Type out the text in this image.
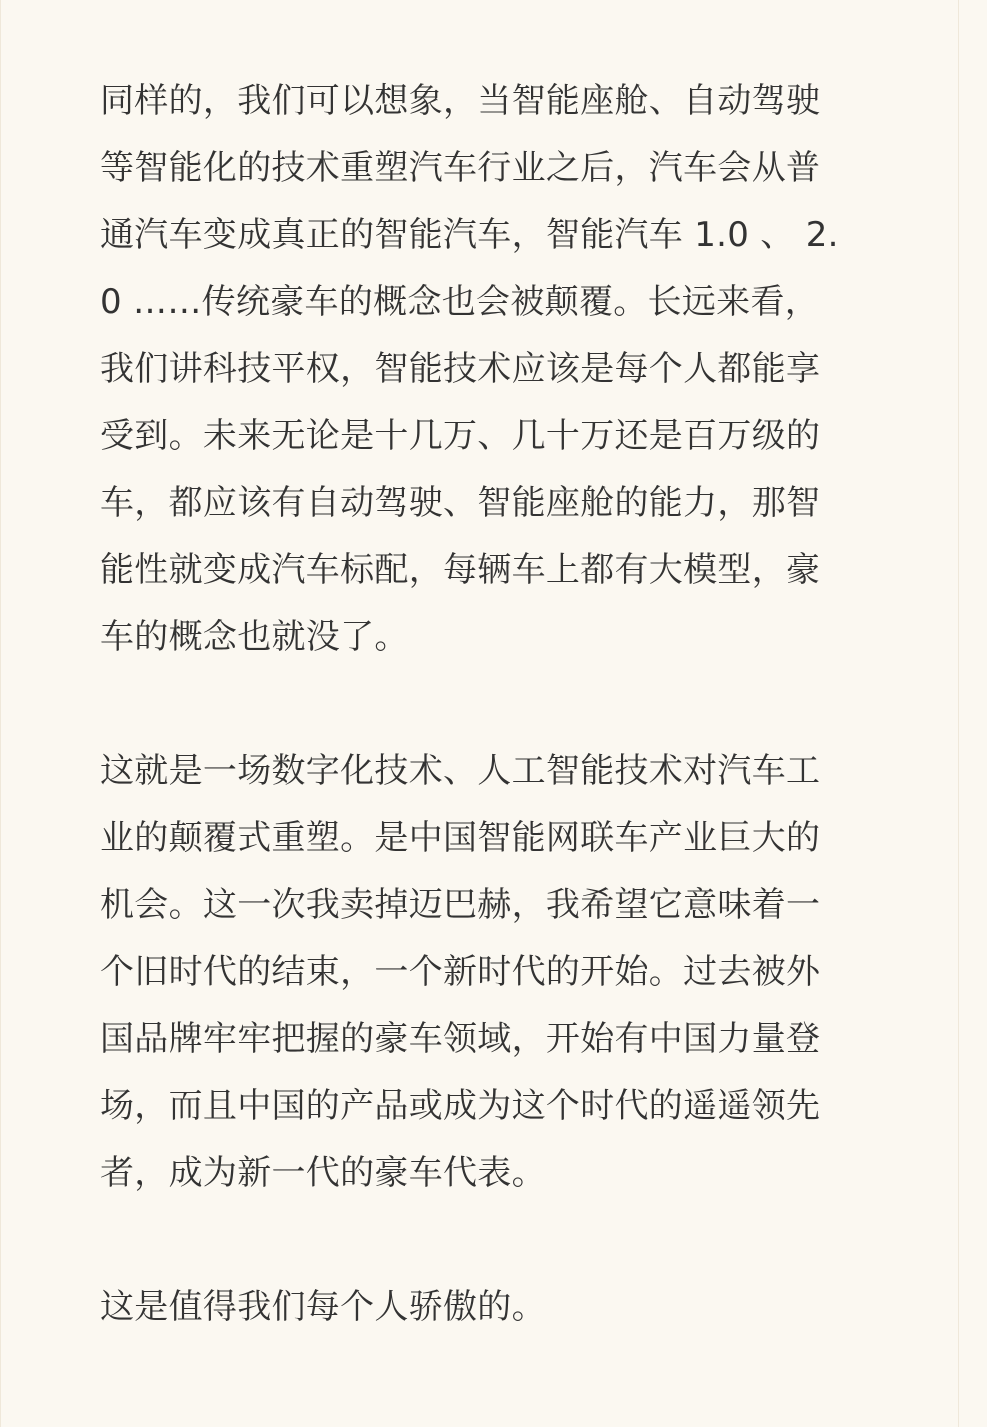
同样的，我们可以想象，当智能座舱、自动驾驶
等智能化的技术重塑汽车行业之后，汽车会从普
通汽车变成真正的智能汽车，智能汽车 1.0 、 2.
0 ……传统豪车的概念也会被颠覆。长远来看，
我们讲科技平权，智能技术应该是每个人都能享
受到。未来无论是十几万、几十万还是百万级的
车，都应该有自动驾驶、智能座舱的能力，那智
能性就变成汽车标配，每辆车上都有大模型，豪
车的概念也就没了。

这就是一场数字化技术、人工智能技术对汽车工
业的颠覆式重塑。是中国智能网联车产业巨大的
机会。这一次我卖掉迈巴赫，我希望它意味着一
个旧时代的结束，一个新时代的开始。过去被外
国品牌牢牢把握的豪车领域，开始有中国力量登
场，而且中国的产品或成为这个时代的遥遥领先
者，成为新一代的豪车代表。

这是值得我们每个人骄傲的。
